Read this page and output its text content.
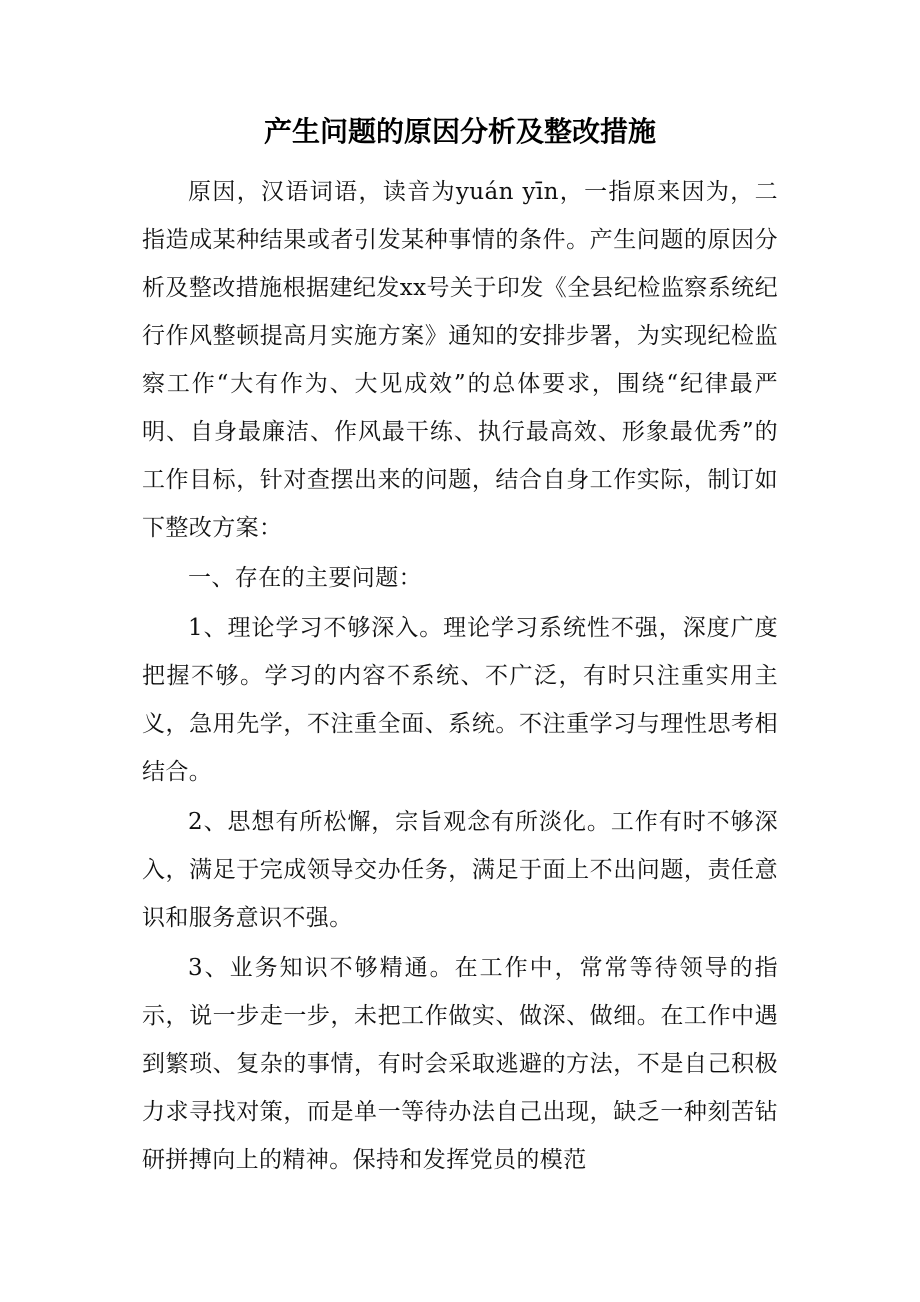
产生问题的原因分析及整改措施

原因，汉语词语，读音为yuán yīn，一指原来因为，二指造成某种结果或者引发某种事情的条件。产生问题的原因分析及整改措施根据建纪发xx号关于印发《全县纪检监察系统纪行作风整顿提高月实施方案》通知的安排步署，为实现纪检监察工作“大有作为、大见成效”的总体要求，围绕“纪律最严明、自身最廉洁、作风最干练、执行最高效、形象最优秀”的工作目标，针对查摆出来的问题，结合自身工作实际，制订如下整改方案：

一、存在的主要问题：

1、理论学习不够深入。理论学习系统性不强，深度广度把握不够。学习的内容不系统、不广泛，有时只注重实用主义，急用先学，不注重全面、系统。不注重学习与理性思考相结合。

2、思想有所松懈，宗旨观念有所淡化。工作有时不够深入，满足于完成领导交办任务，满足于面上不出问题，责任意识和服务意识不强。

3、业务知识不够精通。在工作中，常常等待领导的指示，说一步走一步，未把工作做实、做深、做细。在工作中遇到繁琐、复杂的事情，有时会采取逃避的方法，不是自己积极力求寻找对策，而是单一等待办法自己出现，缺乏一种刻苦钻研拼搏向上的精神。保持和发挥党员的模范
